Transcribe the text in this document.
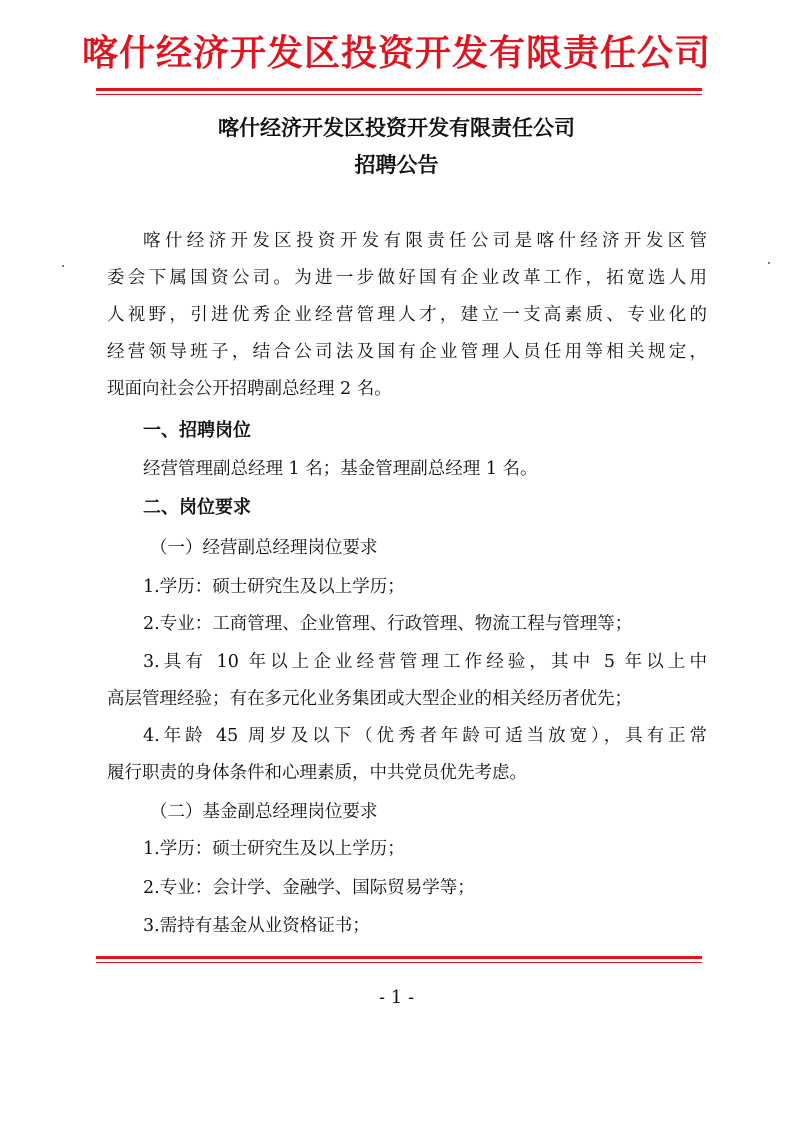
喀什经济开发区投资开发有限责任公司
喀什经济开发区投资开发有限责任公司
招聘公告
喀什经济开发区投资开发有限责任公司是喀什经济开发区管
委会下属国资公司。为进一步做好国有企业改革工作，拓宽选人用
人视野，引进优秀企业经营管理人才，建立一支高素质、专业化的
经营领导班子，结合公司法及国有企业管理人员任用等相关规定，
现面向社会公开招聘副总经理 2 名。
一、招聘岗位
经营管理副总经理 1 名；基金管理副总经理 1 名。
二、岗位要求
（一）经营副总经理岗位要求
1.学历：硕士研究生及以上学历；
2.专业：工商管理、企业管理、行政管理、物流工程与管理等；
3.具有 10 年以上企业经营管理工作经验，其中 5 年以上中
高层管理经验；有在多元化业务集团或大型企业的相关经历者优先；
4.年龄 45 周岁及以下（优秀者年龄可适当放宽），具有正常
履行职责的身体条件和心理素质，中共党员优先考虑。
（二）基金副总经理岗位要求
1.学历：硕士研究生及以上学历；
2.专业：会计学、金融学、国际贸易学等；
3.需持有基金从业资格证书；
- 1 -
